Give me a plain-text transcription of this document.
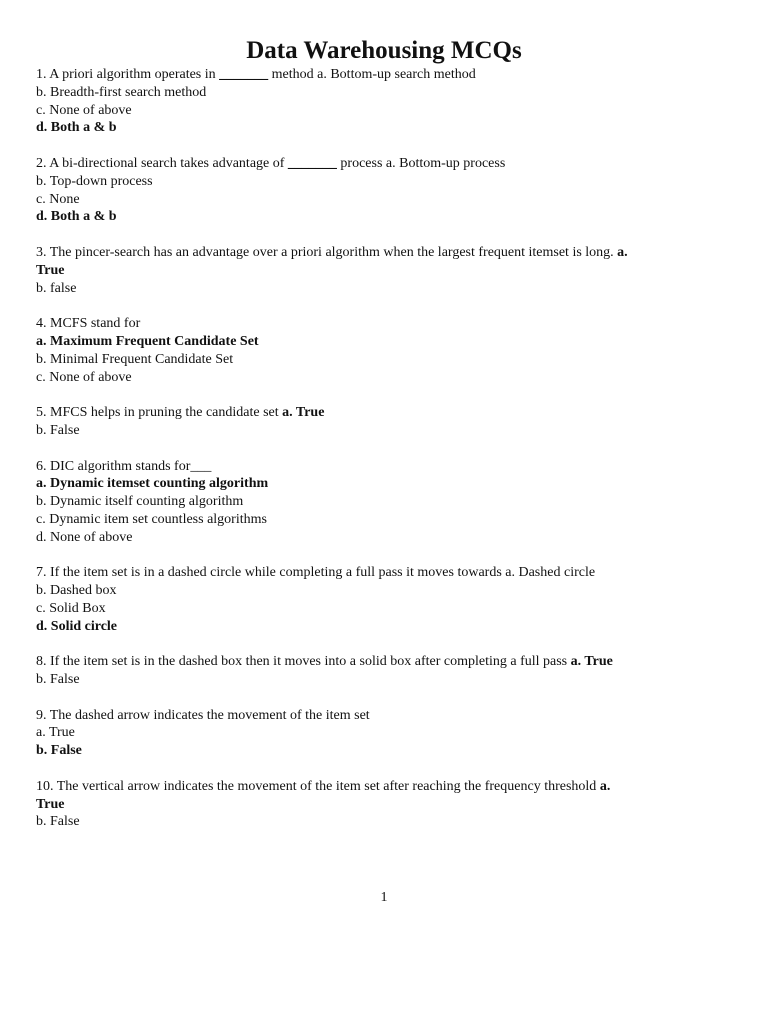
Data Warehousing MCQs
1. A priori algorithm operates in _______ method a. Bottom-up search method
b. Breadth-first search method
c. None of above
d. Both a & b
2. A bi-directional search takes advantage of _______ process a. Bottom-up process
b. Top-down process
c. None
d. Both a & b
3. The pincer-search has an advantage over a priori algorithm when the largest frequent itemset is long. a.
True
b. false
4. MCFS stand for
a. Maximum Frequent Candidate Set
b. Minimal Frequent Candidate Set
c. None of above
5. MFCS helps in pruning the candidate set a. True
b. False
6. DIC algorithm stands for___
a. Dynamic itemset counting algorithm
b. Dynamic itself counting algorithm
c. Dynamic item set countless algorithms
d. None of above
7. If the item set is in a dashed circle while completing a full pass it moves towards a. Dashed circle
b. Dashed box
c. Solid Box
d. Solid circle
8. If the item set is in the dashed box then it moves into a solid box after completing a full pass a. True
b. False
9. The dashed arrow indicates the movement of the item set
a. True
b. False
10. The vertical arrow indicates the movement of the item set after reaching the frequency threshold a.
True
b. False
1
